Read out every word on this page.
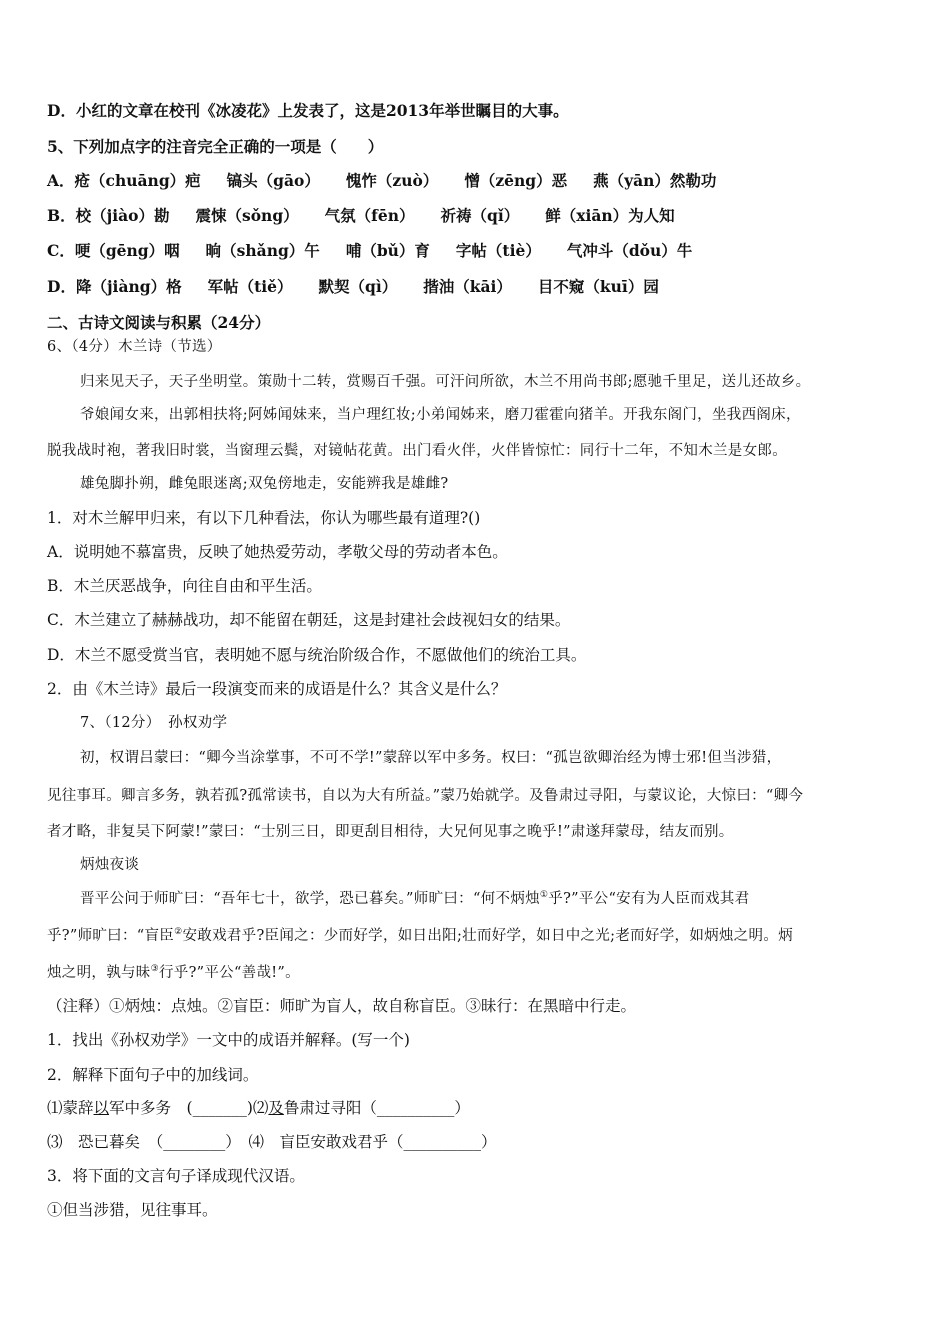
D．小红的文章在校刊《冰凌花》上发表了，这是2013年举世瞩目的大事。
5、下列加点字的注音完全正确的一项是（　　）
A．疮（chuāng）疤 镐头（gāo） 愧怍（zuò） 憎（zēng）恶 燕（yān）然勒功
B．校（jiào）勘 震悚（sǒng） 气氛（fēn） 祈祷（qǐ） 鲜（xiān）为人知
C．哽（gēng）咽 晌（shǎng）午 哺（bǔ）育 字帖（tiè） 气冲斗（dǒu）牛
D．降（jiàng）格 军帖（tiě） 默契（qì） 揩油（kāi） 目不窥（kuī）园
二、古诗文阅读与积累（24分）
6、（4分）木兰诗（节选）
归来见天子，天子坐明堂。策勋十二转，赏赐百千强。可汗问所欲，木兰不用尚书郎;愿驰千里足，送儿还故乡。
爷娘闻女来，出郭相扶将;阿姊闻妹来，当户理红妆;小弟闻姊来，磨刀霍霍向猪羊。开我东阁门，坐我西阁床，
脱我战时袍，著我旧时裳，当窗理云鬓，对镜帖花黄。出门看火伴，火伴皆惊忙：同行十二年，不知木兰是女郎。
雄兔脚扑朔，雌兔眼迷离;双兔傍地走，安能辨我是雄雌?
1．对木兰解甲归来，有以下几种看法，你认为哪些最有道理?()
A．说明她不慕富贵，反映了她热爱劳动，孝敬父母的劳动者本色。
B．木兰厌恶战争，向往自由和平生活。
C．木兰建立了赫赫战功，却不能留在朝廷，这是封建社会歧视妇女的结果。
D．木兰不愿受赏当官，表明她不愿与统治阶级合作，不愿做他们的统治工具。
2．由《木兰诗》最后一段演变而来的成语是什么？其含义是什么？
7、（12分）　孙权劝学
初，权谓吕蒙曰：“卿今当涂掌事，不可不学!”蒙辞以军中多务。权曰：“孤岂欲卿治经为博士邪!但当涉猎，
见往事耳。卿言多务，孰若孤?孤常读书，自以为大有所益。”蒙乃始就学。及鲁肃过寻阳，与蒙议论，大惊曰：“卿今
者才略，非复吴下阿蒙!”蒙曰：“士别三日，即更刮目相待，大兄何见事之晚乎!”肃遂拜蒙母，结友而别。
炳烛夜谈
晋平公问于师旷曰：“吾年七十，欲学，恐已暮矣。”师旷曰：“何不炳烛①乎?”平公“安有为人臣而戏其君
乎?”师旷曰：“盲臣②安敢戏君乎?臣闻之：少而好学，如日出阳;壮而好学，如日中之光;老而好学，如炳烛之明。炳
烛之明，孰与昧③行乎?”平公“善哉!”。
（注释）①炳烛：点烛。②盲臣：师旷为盲人，故自称盲臣。③昧行：在黑暗中行走。
1．找出《孙权劝学》一文中的成语并解释。(写一个)
2．解释下面句子中的加线词。
⑴蒙辞以军中多务　(_______)⑵及鲁肃过寻阳（__________）
⑶　恐已暮矣　（________）　⑷　盲臣安敢戏君乎（__________）
3．将下面的文言句子译成现代汉语。
①但当涉猎，见往事耳。
